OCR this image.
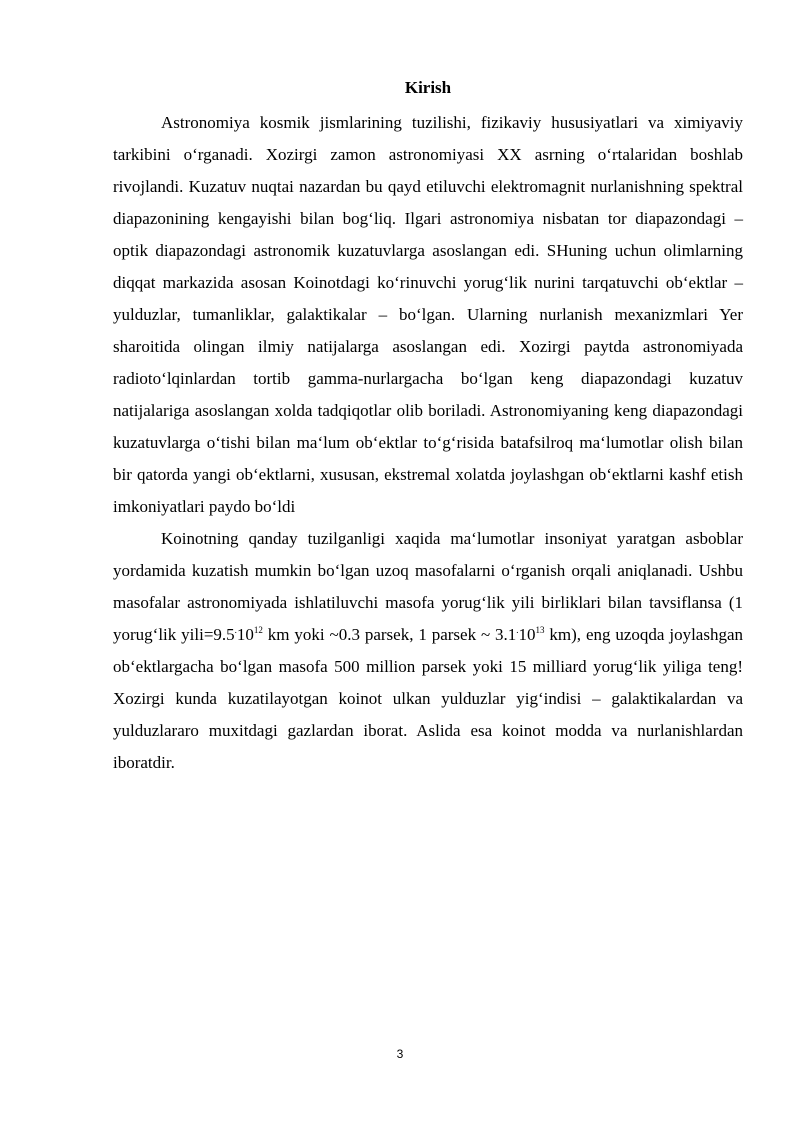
Kirish

Astronomiya kosmik jismlarining tuzilishi, fizikaviy hususiyatlari va ximiyaviy tarkibini o‘rganadi. Xozirgi zamon astronomiyasi XX asrning o‘rtalaridan boshlab rivojlandi. Kuzatuv nuqtai nazardan bu qayd etiluvchi elektromagnit nurlanishning spektral diapazonining kengayishi bilan bog‘liq. Ilgari astronomiya nisbatan tor diapazondagi – optik diapazondagi astronomik kuzatuvlarga asoslangan edi. SHuning uchun olimlarning diqqat markazida asosan Koinotdagi ko‘rinuvchi yorug‘lik nurini tarqatuvchi ob‘ektlar – yulduzlar, tumanliklar, galaktikalar – bo‘lgan. Ularning nurlanish mexanizmlari Yer sharoitida olingan ilmiy natijalarga asoslangan edi. Xozirgi paytda astronomiyada radioto‘lqinlardan tortib gamma-nurlargacha bo‘lgan keng diapazondagi kuzatuv natijalariga asoslangan xolda tadqiqotlar olib boriladi. Astronomiyaning keng diapazondagi kuzatuvlarga o‘tishi bilan ma‘lum ob‘ektlar to‘g‘risida batafsilroq ma‘lumotlar olish bilan bir qatorda yangi ob‘ektlarni, xususan, ekstremal xolatda joylashgan ob‘ektlarni kashf etish imkoniyatlari paydo bo‘ldi

Koinotning qanday tuzilganligi xaqida ma‘lumotlar insoniyat yaratgan asboblar yordamida kuzatish mumkin bo‘lgan uzoq masofalarni o‘rganish orqali aniqlanadi. Ushbu masofalar astronomiyada ishlatiluvchi masofa yorug‘lik yili birliklari bilan tavsiflansa (1 yorug‘lik $yili=9.5^.10^{12}$ km yoki ~0.3 parsek, 1 parsek ~ $3.1^.10^{13}$ km), eng uzoqda joylashgan ob‘ektlargacha bo‘lgan masofa 500 million parsek yoki 15 milliard yorug‘lik yiliga teng! Xozirgi kunda kuzatilayotgan koinot ulkan yulduzlar yig‘indisi – galaktikalardan va yulduzlararo muxitdagi gazlardan iborat. Aslida esa koinot modda va nurlanishlardan iboratdir.

3
